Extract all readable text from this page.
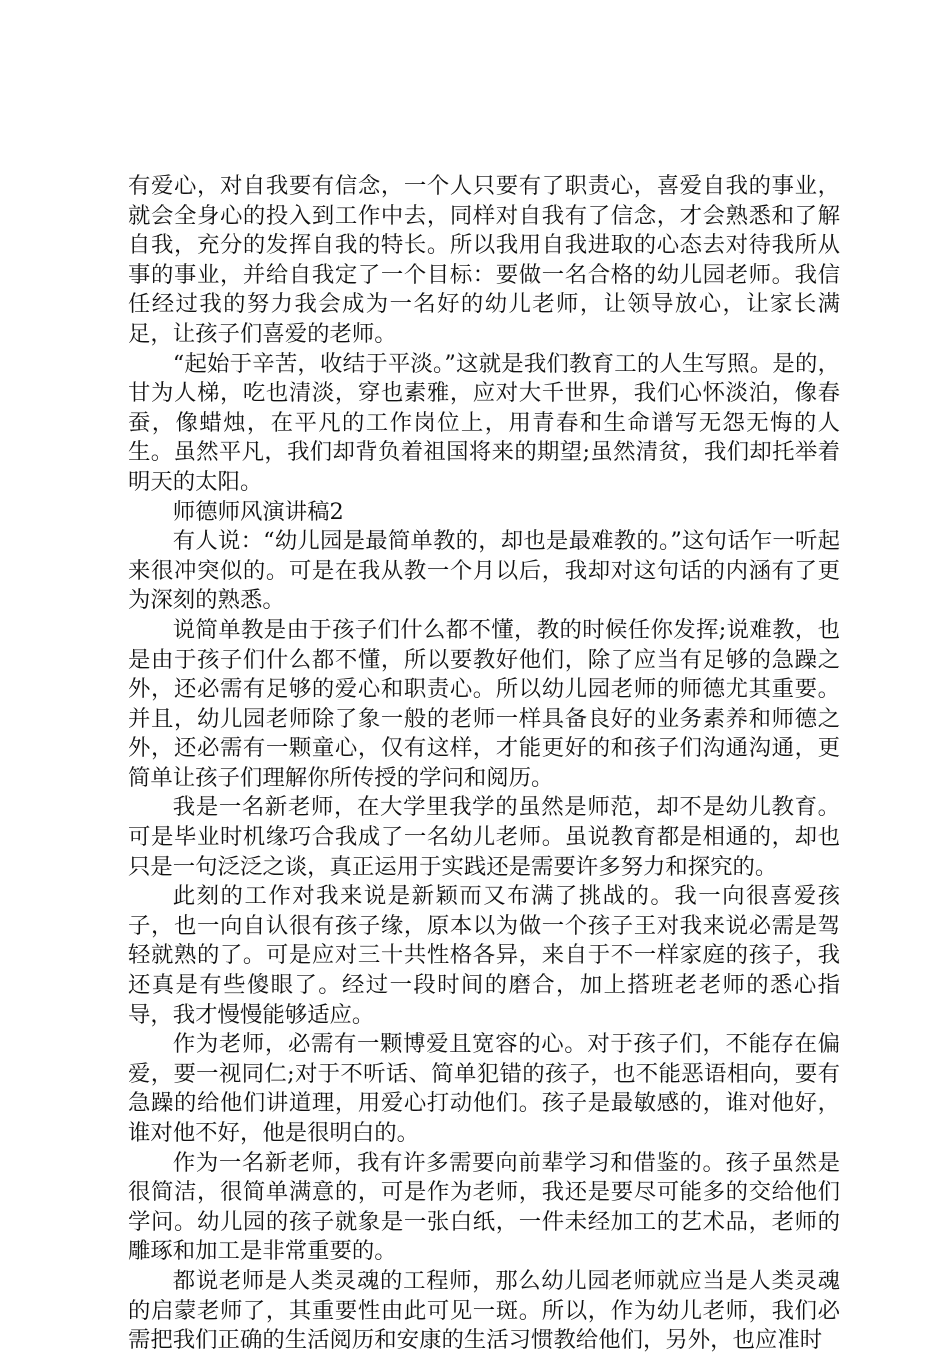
有爱心，对自我要有信念，一个人只要有了职责心，喜爱自我的事业，就会全身心的投入到工作中去，同样对自我有了信念，才会熟悉和了解自我，充分的发挥自我的特长。所以我用自我进取的心态去对待我所从事的事业，并给自我定了一个目标：要做一名合格的幼儿园老师。我信任经过我的努力我会成为一名好的幼儿老师，让领导放心，让家长满足，让孩子们喜爱的老师。

“起始于辛苦，收结于平淡。”这就是我们教育工的人生写照。是的，甘为人梯，吃也清淡，穿也素雅，应对大千世界，我们心怀淡泊，像春蚕，像蜡烛，在平凡的工作岗位上，用青春和生命谱写无怨无悔的人生。虽然平凡，我们却背负着祖国将来的期望;虽然清贫，我们却托举着明天的太阳。

师德师风演讲稿2

有人说：“幼儿园是最简单教的，却也是最难教的。”这句话乍一听起来很冲突似的。可是在我从教一个月以后，我却对这句话的内涵有了更为深刻的熟悉。

说简单教是由于孩子们什么都不懂，教的时候任你发挥;说难教，也是由于孩子们什么都不懂，所以要教好他们，除了应当有足够的急躁之外，还必需有足够的爱心和职责心。所以幼儿园老师的师德尤其重要。并且，幼儿园老师除了象一般的老师一样具备良好的业务素养和师德之外，还必需有一颗童心，仅有这样，才能更好的和孩子们沟通沟通，更简单让孩子们理解你所传授的学问和阅历。

我是一名新老师，在大学里我学的虽然是师范，却不是幼儿教育。可是毕业时机缘巧合我成了一名幼儿老师。虽说教育都是相通的，却也只是一句泛泛之谈，真正运用于实践还是需要许多努力和探究的。

此刻的工作对我来说是新颖而又布满了挑战的。我一向很喜爱孩子，也一向自认很有孩子缘，原本以为做一个孩子王对我来说必需是驾轻就熟的了。可是应对三十共性格各异，来自于不一样家庭的孩子，我还真是有些傻眼了。经过一段时间的磨合，加上搭班老老师的悉心指导，我才慢慢能够适应。

作为老师，必需有一颗博爱且宽容的心。对于孩子们，不能存在偏爱，要一视同仁;对于不听话、简单犯错的孩子，也不能恶语相向，要有急躁的给他们讲道理，用爱心打动他们。孩子是最敏感的，谁对他好，谁对他不好，他是很明白的。

作为一名新老师，我有许多需要向前辈学习和借鉴的。孩子虽然是很简洁，很简单满意的，可是作为老师，我还是要尽可能多的交给他们学问。幼儿园的孩子就象是一张白纸，一件未经加工的艺术品，老师的雕琢和加工是非常重要的。

都说老师是人类灵魂的工程师，那么幼儿园老师就应当是人类灵魂的启蒙老师了，其重要性由此可见一斑。所以，作为幼儿老师，我们必需把我们正确的生活阅历和安康的生活习惯教给他们，另外，也应准时
